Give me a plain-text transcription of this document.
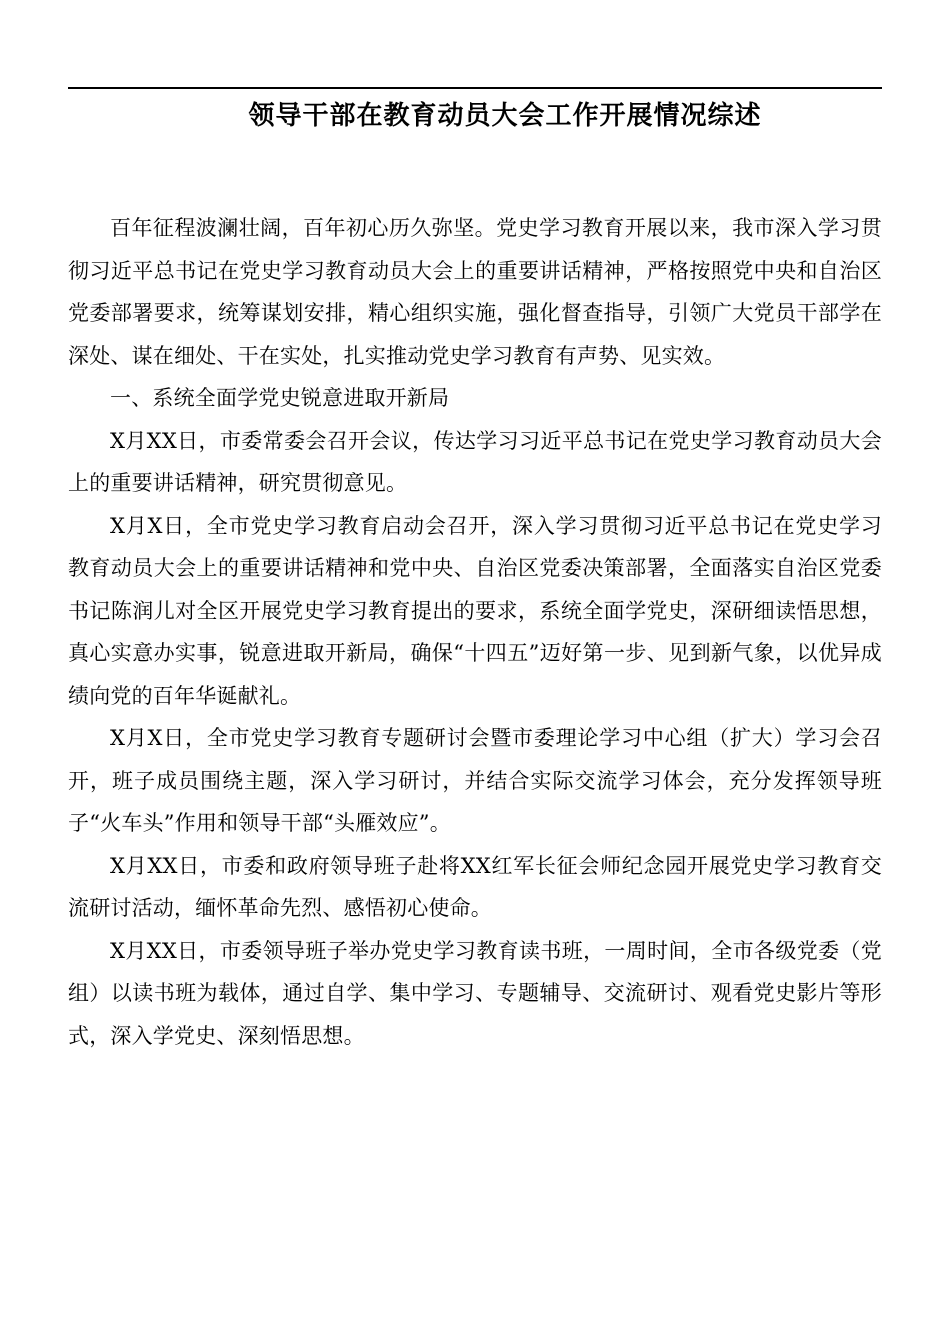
领导干部在教育动员大会工作开展情况综述

百年征程波澜壮阔，百年初心历久弥坚。党史学习教育开展以来，我市深入学习贯彻习近平总书记在党史学习教育动员大会上的重要讲话精神，严格按照党中央和自治区党委部署要求，统筹谋划安排，精心组织实施，强化督查指导，引领广大党员干部学在深处、谋在细处、干在实处，扎实推动党史学习教育有声势、见实效。

一、系统全面学党史锐意进取开新局

X月XX日，市委常委会召开会议，传达学习习近平总书记在党史学习教育动员大会上的重要讲话精神，研究贯彻意见。

X月X日，全市党史学习教育启动会召开，深入学习贯彻习近平总书记在党史学习教育动员大会上的重要讲话精神和党中央、自治区党委决策部署，全面落实自治区党委书记陈润儿对全区开展党史学习教育提出的要求，系统全面学党史，深研细读悟思想，真心实意办实事，锐意进取开新局，确保“十四五”迈好第一步、见到新气象，以优异成绩向党的百年华诞献礼。

X月X日，全市党史学习教育专题研讨会暨市委理论学习中心组（扩大）学习会召开，班子成员围绕主题，深入学习研讨，并结合实际交流学习体会，充分发挥领导班子“火车头”作用和领导干部“头雁效应”。

X月XX日，市委和政府领导班子赴将XX红军长征会师纪念园开展党史学习教育交流研讨活动，缅怀革命先烈、感悟初心使命。

X月XX日，市委领导班子举办党史学习教育读书班，一周时间，全市各级党委（党组）以读书班为载体，通过自学、集中学习、专题辅导、交流研讨、观看党史影片等形式，深入学党史、深刻悟思想。
